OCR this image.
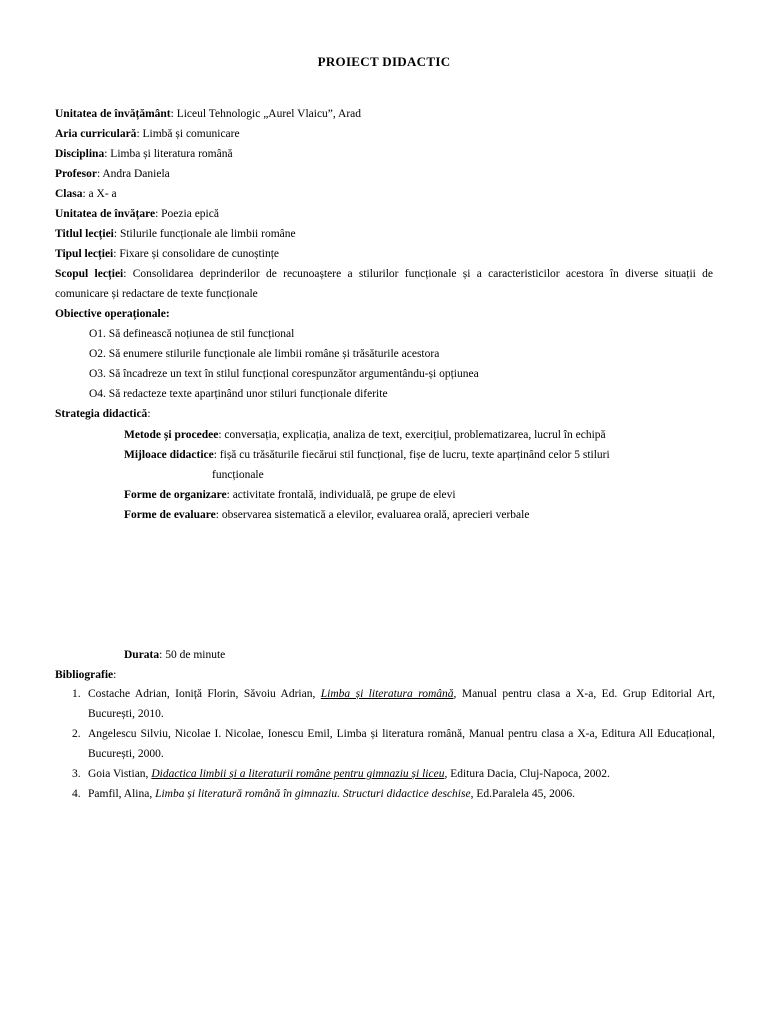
PROIECT DIDACTIC
Unitatea de învățământ: Liceul Tehnologic „Aurel Vlaicu”, Arad
Aria curriculară: Limbă și comunicare
Disciplina: Limba și literatura română
Profesor: Andra Daniela
Clasa: a X- a
Unitatea de învățare: Poezia epică
Titlul lecției: Stilurile funcționale ale limbii române
Tipul lecției: Fixare și consolidare de cunoștințe
Scopul lecției: Consolidarea deprinderilor de recunoaștere a stilurilor funcționale și a caracteristicilor acestora în diverse situații de comunicare și redactare de texte funcționale
Obiective operaționale:
O1. Să definească noțiunea de stil funcțional
O2. Să enumere stilurile funcționale ale limbii române și trăsăturile acestora
O3. Să încadreze un text în stilul funcțional corespunzător argumentându-și opțiunea
O4. Să redacteze texte aparținând unor stiluri funcționale diferite
Strategia didactică:
Metode și procedee: conversația, explicația, analiza de text, exercițiul, problematizarea, lucrul în echipă
Mijloace didactice: fișă cu trăsăturile fiecărui stil funcțional, fișe de lucru, texte aparținând celor 5 stiluri
funcționale
Forme de organizare: activitate frontală, individuală, pe grupe de elevi
Forme de evaluare: observarea sistematică a elevilor, evaluarea orală, aprecieri verbale
Durata: 50 de minute
Bibliografie:
1. Costache Adrian, Ioniță Florin, Săvoiu Adrian, Limba și literatura română, Manual pentru clasa a X-a, Ed. Grup Editorial Art, București, 2010.
2. Angelescu Silviu, Nicolae I. Nicolae, Ionescu Emil, Limba și literatura română, Manual pentru clasa a X-a, Editura All Educațional, București, 2000.
3. Goia Vistian, Didactica limbii și a literaturii române pentru gimnaziu și liceu, Editura Dacia, Cluj-Napoca, 2002.
4. Pamfil, Alina, Limba și literatură română în gimnaziu. Structuri didactice deschise, Ed.Paralela 45, 2006.
